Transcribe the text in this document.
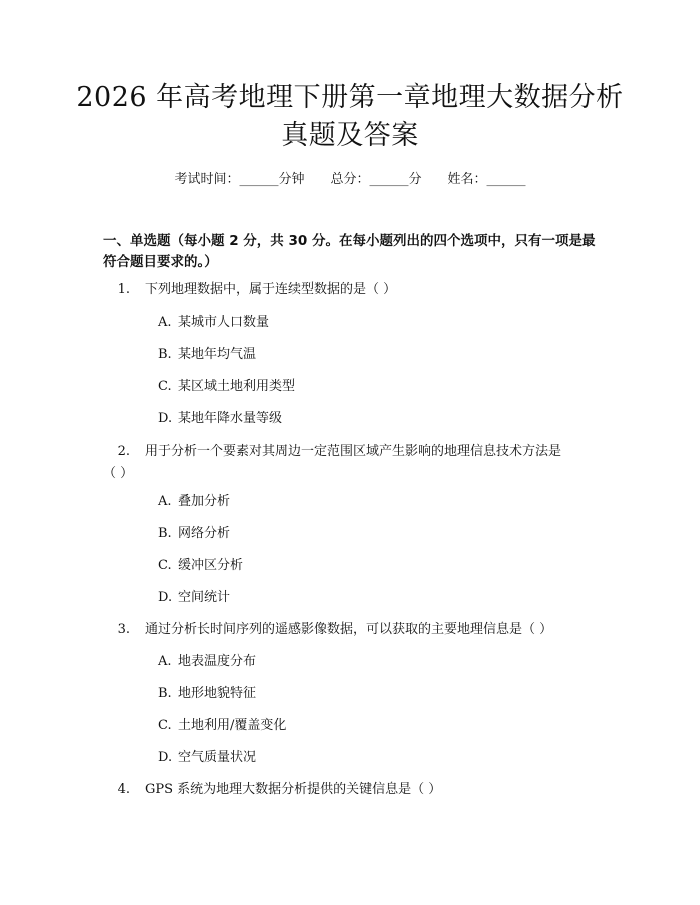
2026 年高考地理下册第一章地理大数据分析
真题及答案
考试时间：______分钟 总分：______分 姓名：______
一、单选题（每小题 2 分，共 30 分。在每小题列出的四个选项中，只有一项是最
符合题目要求的。）
1. 下列地理数据中，属于连续型数据的是（ ）
A. 某城市人口数量
B. 某地年均气温
C. 某区域土地利用类型
D. 某地年降水量等级
2. 用于分析一个要素对其周边一定范围区域产生影响的地理信息技术方法是
（ ）
A. 叠加分析
B. 网络分析
C. 缓冲区分析
D. 空间统计
3. 通过分析长时间序列的遥感影像数据，可以获取的主要地理信息是（ ）
A. 地表温度分布
B. 地形地貌特征
C. 土地利用/覆盖变化
D. 空气质量状况
4. GPS 系统为地理大数据分析提供的关键信息是（ ）
